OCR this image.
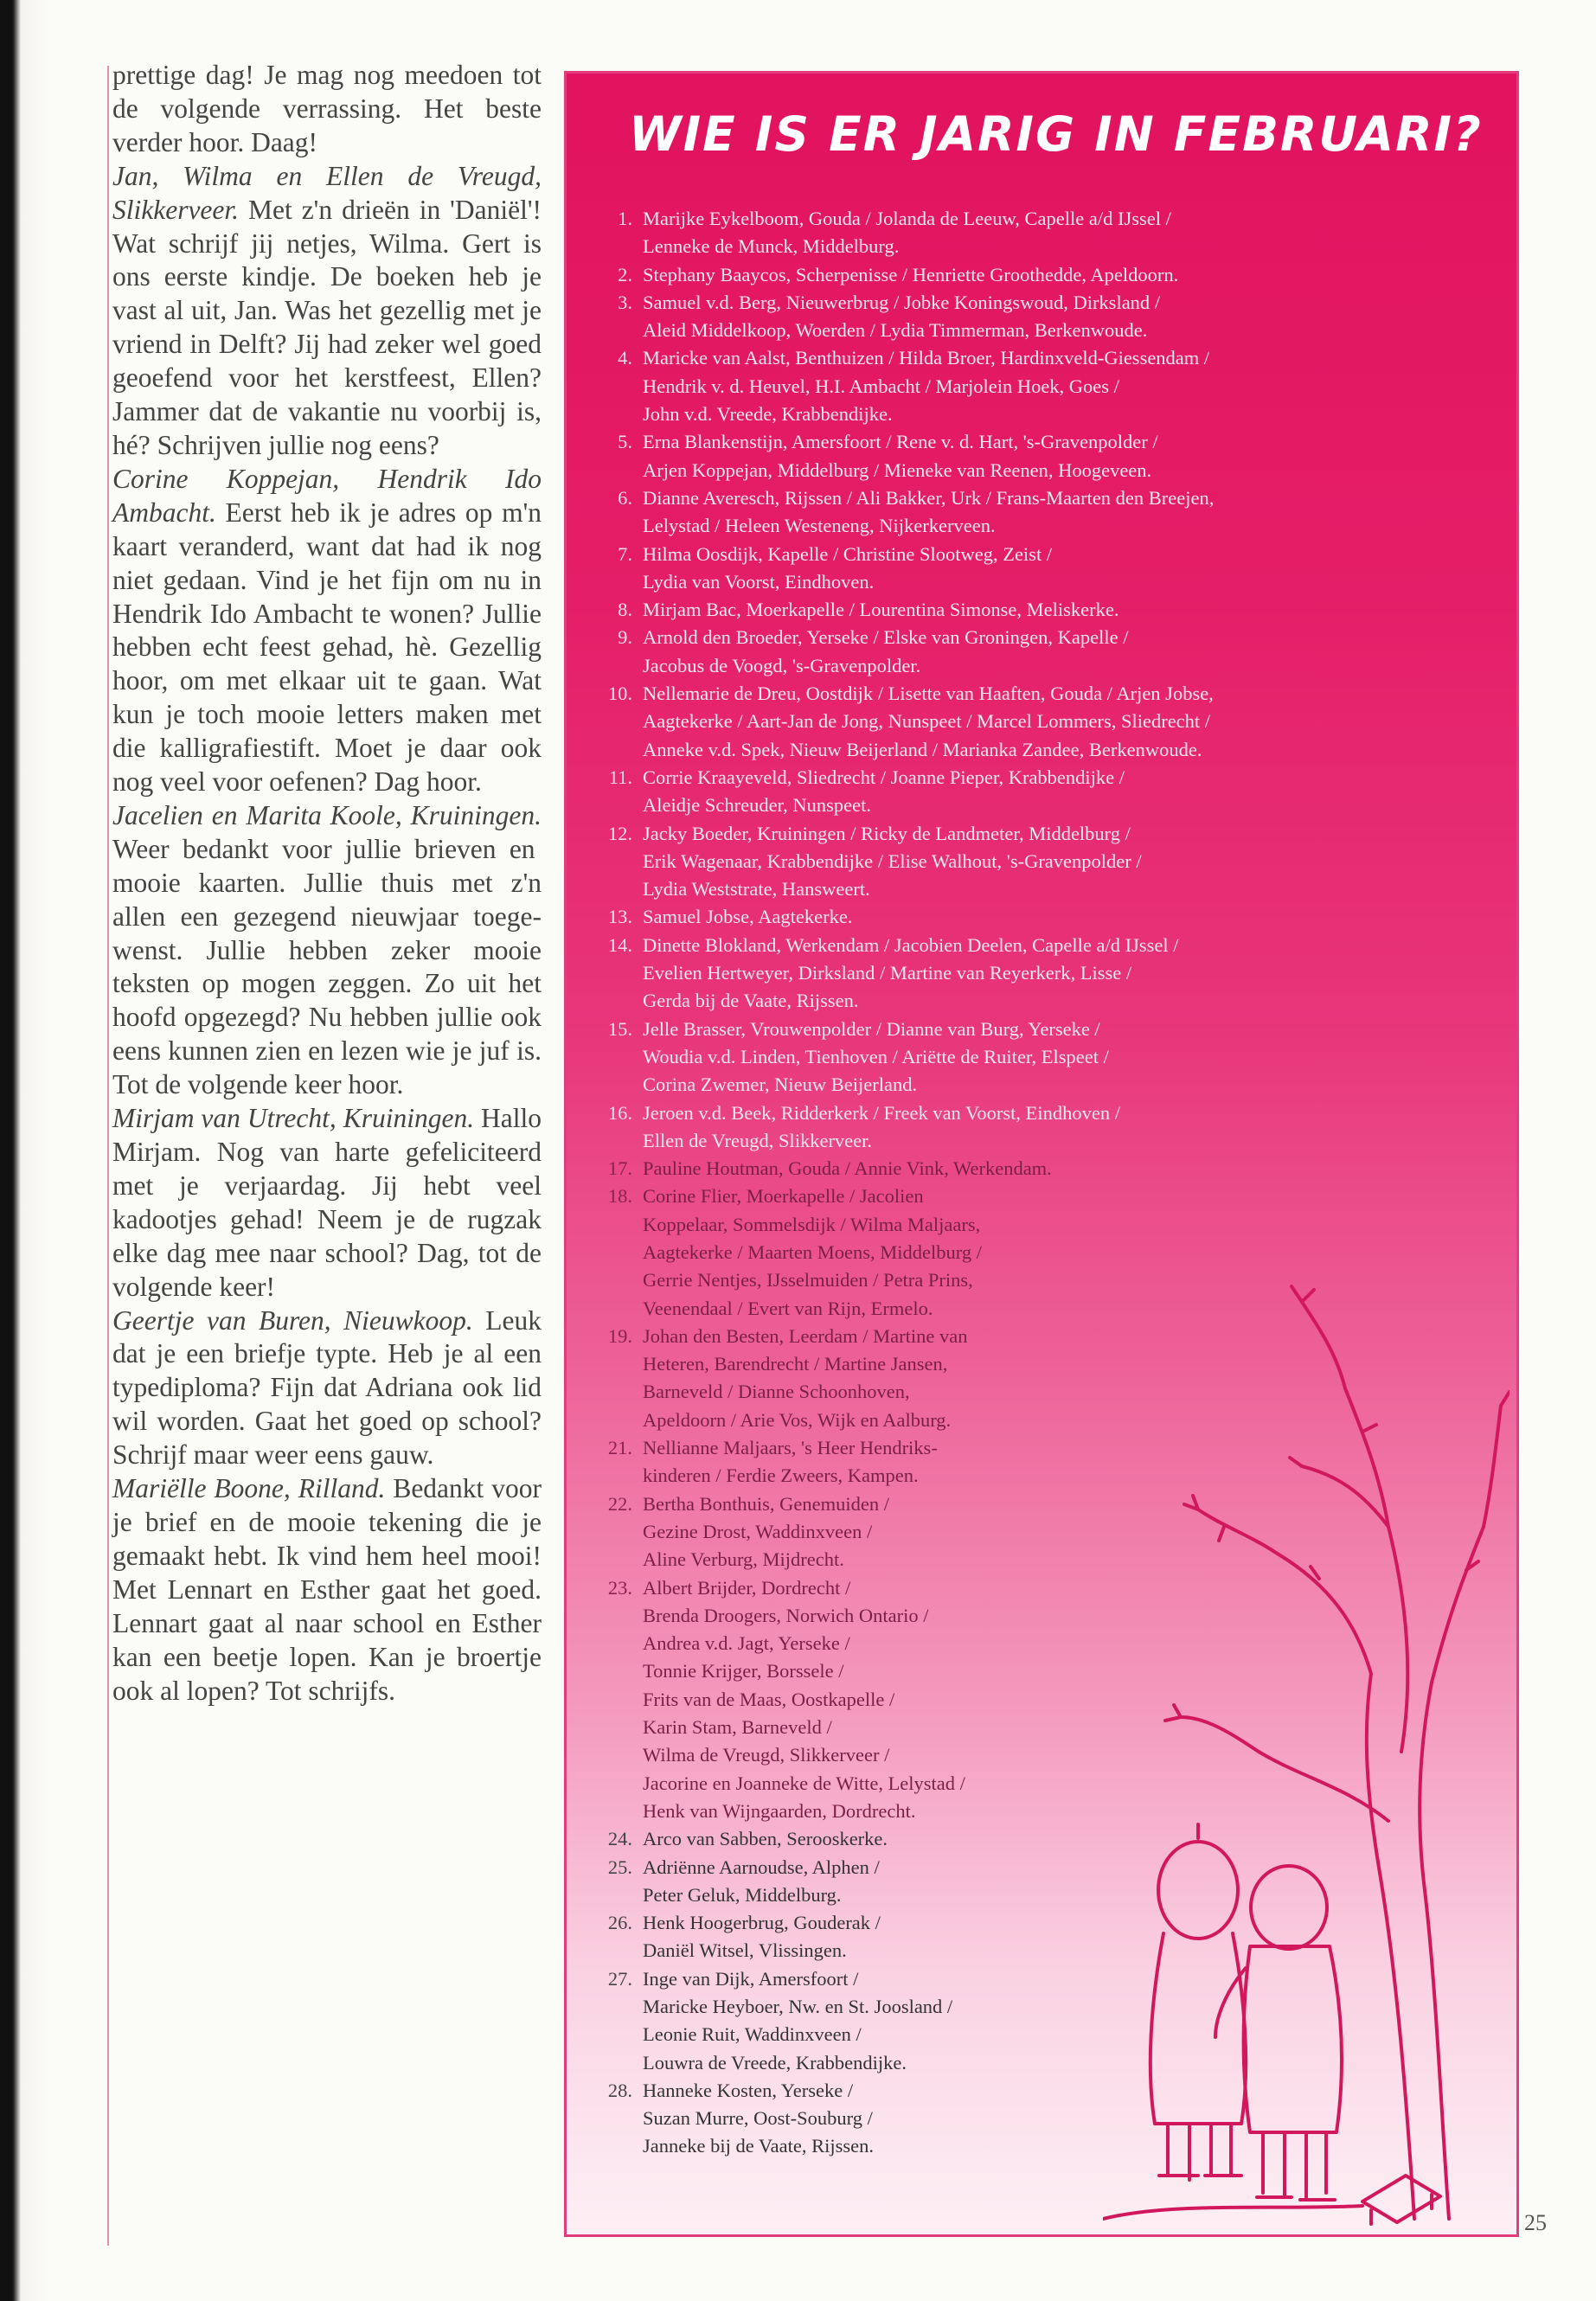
prettige dag! Je mag nog meedoen tot de volgende verrassing. Het beste verder hoor. Daag!

Jan, Wilma en Ellen de Vreugd, Slikkerveer. Met z'n drieën in 'Daniël'! Wat schrijf jij netjes, Wilma. Gert is ons eerste kindje. De boeken heb je vast al uit, Jan. Was het gezellig met je vriend in Delft? Jij had zeker wel goed geoefend voor het kerstfeest, Ellen? Jammer dat de vakantie nu voorbij is, hé? Schrijven jullie nog eens?

Corine Koppejan, Hendrik Ido Ambacht. Eerst heb ik je adres op m'n kaart veranderd, want dat had ik nog niet gedaan. Vind je het fijn om nu in Hendrik Ido Ambacht te wonen? Jullie hebben echt feest gehad, hè. Gezellig hoor, om met elkaar uit te gaan. Wat kun je toch mooie letters maken met die kalligrafiestift. Moet je daar ook nog veel voor oefenen? Dag hoor.

Jacelien en Marita Koole, Kruiningen. Weer bedankt voor jullie brieven en mooie kaarten. Jullie thuis met z'n allen een gezegend nieuwjaar toegewenst. Jullie hebben zeker mooie teksten op mogen zeggen. Zo uit het hoofd opgezegd? Nu hebben jullie ook eens kunnen zien en lezen wie je juf is. Tot de volgende keer hoor.

Mirjam van Utrecht, Kruiningen. Hallo Mirjam. Nog van harte gefeliciteerd met je verjaardag. Jij hebt veel kadootjes gehad! Neem je de rugzak elke dag mee naar school? Dag, tot de volgende keer!

Geertje van Buren, Nieuwkoop. Leuk dat je een briefje typte. Heb je al een typediploma? Fijn dat Adriana ook lid wil worden. Gaat het goed op school? Schrijf maar weer eens gauw.

Mariëlle Boone, Rilland. Bedankt voor je brief en de mooie tekening die je gemaakt hebt. Ik vind hem heel mooi! Met Lennart en Esther gaat het goed. Lennart gaat al naar school en Esther kan een beetje lopen. Kan je broertje ook al lopen? Tot schrijfs.

WIE IS ER JARIG IN FEBRUARI?
1. Marijke Eykelboom, Gouda / Jolanda de Leeuw, Capelle a/d IJssel /
Lenneke de Munck, Middelburg.
2. Stephany Baaycos, Scherpenisse / Henriette Groothedde, Apeldoorn.
3. Samuel v.d. Berg, Nieuwerbrug / Jobke Koningswoud, Dirksland /
Aleid Middelkoop, Woerden / Lydia Timmerman, Berkenwoude.
4. Maricke van Aalst, Benthuizen / Hilda Broer, Hardinxveld-Giessendam /
Hendrik v. d. Heuvel, H.I. Ambacht / Marjolein Hoek, Goes /
John v.d. Vreede, Krabbendijke.
5. Erna Blankenstijn, Amersfoort / Rene v. d. Hart, 's-Gravenpolder /
Arjen Koppejan, Middelburg / Mieneke van Reenen, Hoogeveen.
6. Dianne Averesch, Rijssen / Ali Bakker, Urk / Frans-Maarten den Breejen,
Lelystad / Heleen Westeneng, Nijkerkerveen.
7. Hilma Oosdijk, Kapelle / Christine Slootweg, Zeist /
Lydia van Voorst, Eindhoven.
8. Mirjam Bac, Moerkapelle / Lourentina Simonse, Meliskerke.
9. Arnold den Broeder, Yerseke / Elske van Groningen, Kapelle /
Jacobus de Voogd, 's-Gravenpolder.
10. Nellemarie de Dreu, Oostdijk / Lisette van Haaften, Gouda / Arjen Jobse,
Aagtekerke / Aart-Jan de Jong, Nunspeet / Marcel Lommers, Sliedrecht /
Anneke v.d. Spek, Nieuw Beijerland / Marianka Zandee, Berkenwoude.
11. Corrie Kraayeveld, Sliedrecht / Joanne Pieper, Krabbendijke /
Aleidje Schreuder, Nunspeet.
12. Jacky Boeder, Kruiningen / Ricky de Landmeter, Middelburg /
Erik Wagenaar, Krabbendijke / Elise Walhout, 's-Gravenpolder /
Lydia Weststrate, Hansweert.
13. Samuel Jobse, Aagtekerke.
14. Dinette Blokland, Werkendam / Jacobien Deelen, Capelle a/d IJssel /
Evelien Hertweyer, Dirksland / Martine van Reyerkerk, Lisse /
Gerda bij de Vaate, Rijssen.
15. Jelle Brasser, Vrouwenpolder / Dianne van Burg, Yerseke /
Woudia v.d. Linden, Tienhoven / Ariëtte de Ruiter, Elspeet /
Corina Zwemer, Nieuw Beijerland.
16. Jeroen v.d. Beek, Ridderkerk / Freek van Voorst, Eindhoven /
Ellen de Vreugd, Slikkerveer.
17. Pauline Houtman, Gouda / Annie Vink, Werkendam.
18. Corine Flier, Moerkapelle / Jacolien
Koppelaar, Sommelsdijk / Wilma Maljaars,
Aagtekerke / Maarten Moens, Middelburg /
Gerrie Nentjes, IJsselmuiden / Petra Prins,
Veenendaal / Evert van Rijn, Ermelo.
19. Johan den Besten, Leerdam / Martine van
Heteren, Barendrecht / Martine Jansen,
Barneveld / Dianne Schoonhoven,
Apeldoorn / Arie Vos, Wijk en Aalburg.
21. Nellianne Maljaars, 's Heer Hendriks-
kinderen / Ferdie Zweers, Kampen.
22. Bertha Bonthuis, Genemuiden /
Gezine Drost, Waddinxveen /
Aline Verburg, Mijdrecht.
23. Albert Brijder, Dordrecht /
Brenda Droogers, Norwich Ontario /
Andrea v.d. Jagt, Yerseke /
Tonnie Krijger, Borssele /
Frits van de Maas, Oostkapelle /
Karin Stam, Barneveld /
Wilma de Vreugd, Slikkerveer /
Jacorine en Joanneke de Witte, Lelystad /
Henk van Wijngaarden, Dordrecht.
24. Arco van Sabben, Serooskerke.
25. Adriënne Aarnoudse, Alphen /
Peter Geluk, Middelburg.
26. Henk Hoogerbrug, Gouderak /
Daniël Witsel, Vlissingen.
27. Inge van Dijk, Amersfoort /
Maricke Heyboer, Nw. en St. Joosland /
Leonie Ruit, Waddinxveen /
Louwra de Vreede, Krabbendijke.
28. Hanneke Kosten, Yerseke /
Suzan Murre, Oost-Souburg /
Janneke bij de Vaate, Rijssen.
25
